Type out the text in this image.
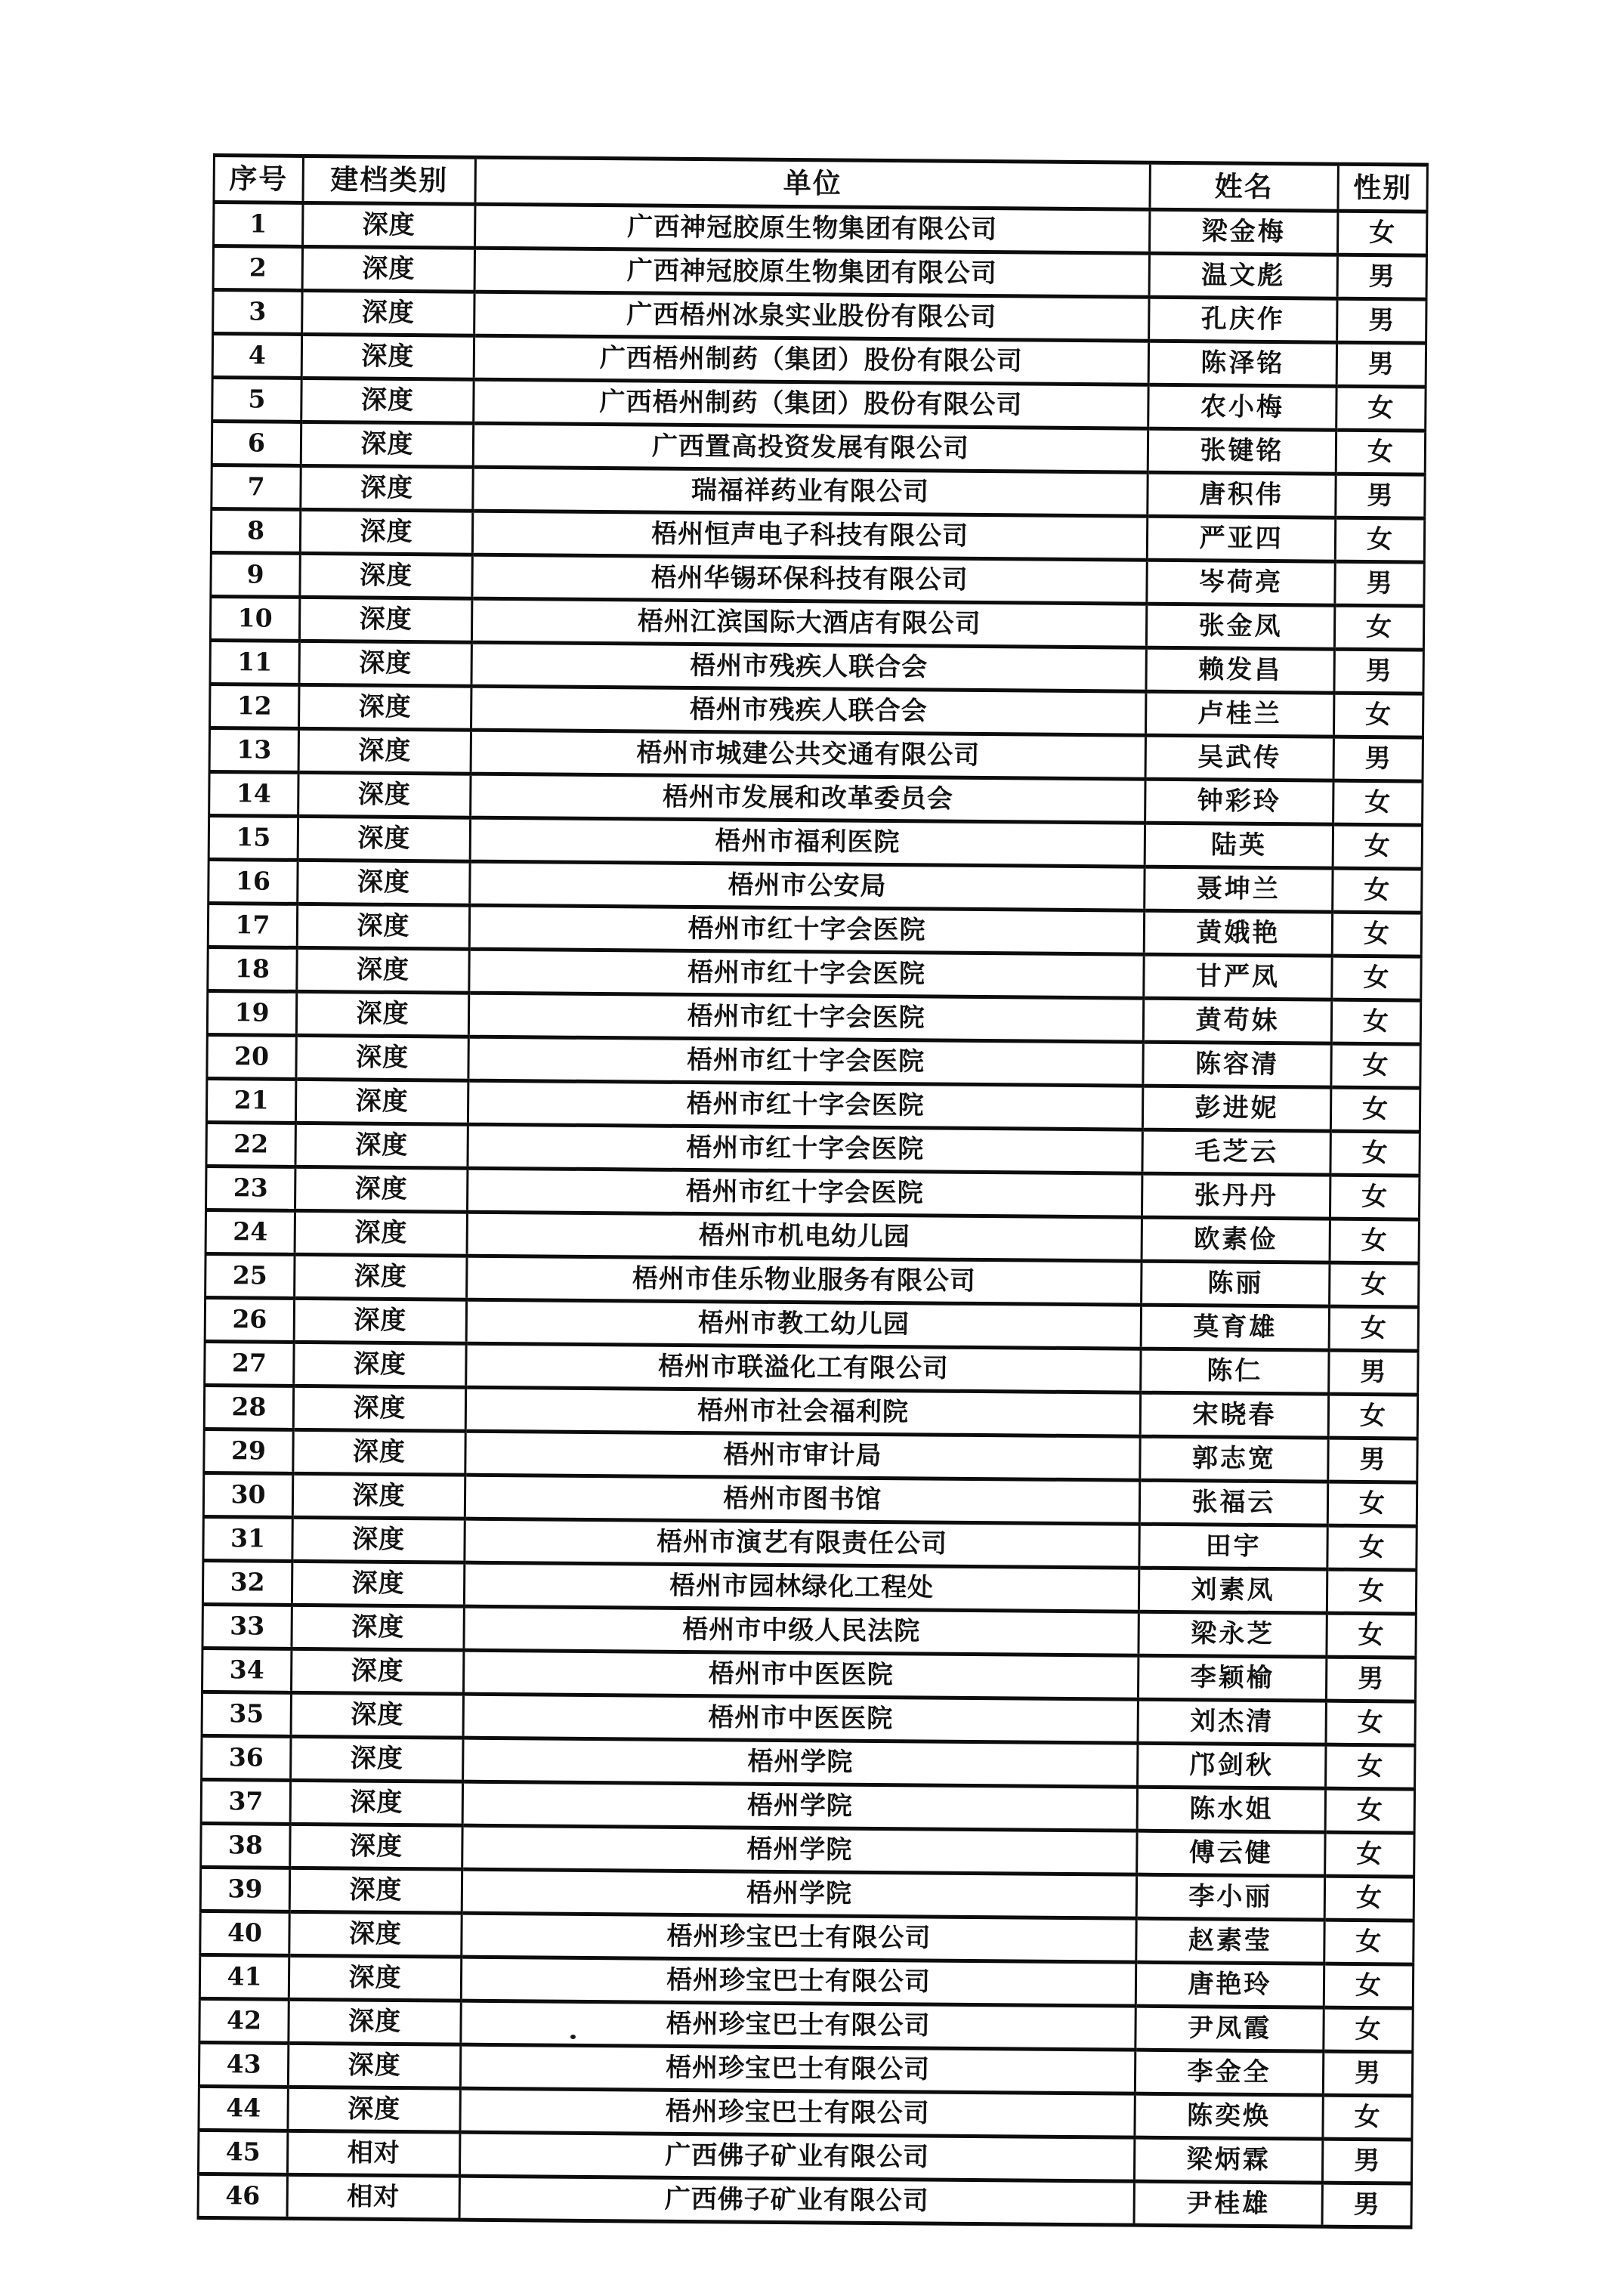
序号	建档类别	单位	姓名	性别
1	深度	广西神冠胶原生物集团有限公司	梁金梅	女
2	深度	广西神冠胶原生物集团有限公司	温文彪	男
3	深度	广西梧州冰泉实业股份有限公司	孔庆作	男
4	深度	广西梧州制药（集团）股份有限公司	陈泽铭	男
5	深度	广西梧州制药（集团）股份有限公司	农小梅	女
6	深度	广西置高投资发展有限公司	张键铭	女
7	深度	瑞福祥药业有限公司	唐积伟	男
8	深度	梧州恒声电子科技有限公司	严亚四	女
9	深度	梧州华锡环保科技有限公司	岑荷亮	男
10	深度	梧州江滨国际大酒店有限公司	张金凤	女
11	深度	梧州市残疾人联合会	赖发昌	男
12	深度	梧州市残疾人联合会	卢桂兰	女
13	深度	梧州市城建公共交通有限公司	吴武传	男
14	深度	梧州市发展和改革委员会	钟彩玲	女
15	深度	梧州市福利医院	陆英	女
16	深度	梧州市公安局	聂坤兰	女
17	深度	梧州市红十字会医院	黄娥艳	女
18	深度	梧州市红十字会医院	甘严凤	女
19	深度	梧州市红十字会医院	黄苟妹	女
20	深度	梧州市红十字会医院	陈容清	女
21	深度	梧州市红十字会医院	彭进妮	女
22	深度	梧州市红十字会医院	毛芝云	女
23	深度	梧州市红十字会医院	张丹丹	女
24	深度	梧州市机电幼儿园	欧素俭	女
25	深度	梧州市佳乐物业服务有限公司	陈丽	女
26	深度	梧州市教工幼儿园	莫育雄	女
27	深度	梧州市联溢化工有限公司	陈仁	男
28	深度	梧州市社会福利院	宋晓春	女
29	深度	梧州市审计局	郭志宽	男
30	深度	梧州市图书馆	张福云	女
31	深度	梧州市演艺有限责任公司	田宇	女
32	深度	梧州市园林绿化工程处	刘素凤	女
33	深度	梧州市中级人民法院	梁永芝	女
34	深度	梧州市中医医院	李颖榆	男
35	深度	梧州市中医医院	刘杰清	女
36	深度	梧州学院	邝剑秋	女
37	深度	梧州学院	陈水姐	女
38	深度	梧州学院	傅云健	女
39	深度	梧州学院	李小丽	女
40	深度	梧州珍宝巴士有限公司	赵素莹	女
41	深度	梧州珍宝巴士有限公司	唐艳玲	女
42	深度	梧州珍宝巴士有限公司	尹凤霞	女
43	深度	梧州珍宝巴士有限公司	李金全	男
44	深度	梧州珍宝巴士有限公司	陈奕焕	女
45	相对	广西佛子矿业有限公司	梁炳霖	男
46	相对	广西佛子矿业有限公司	尹桂雄	男
